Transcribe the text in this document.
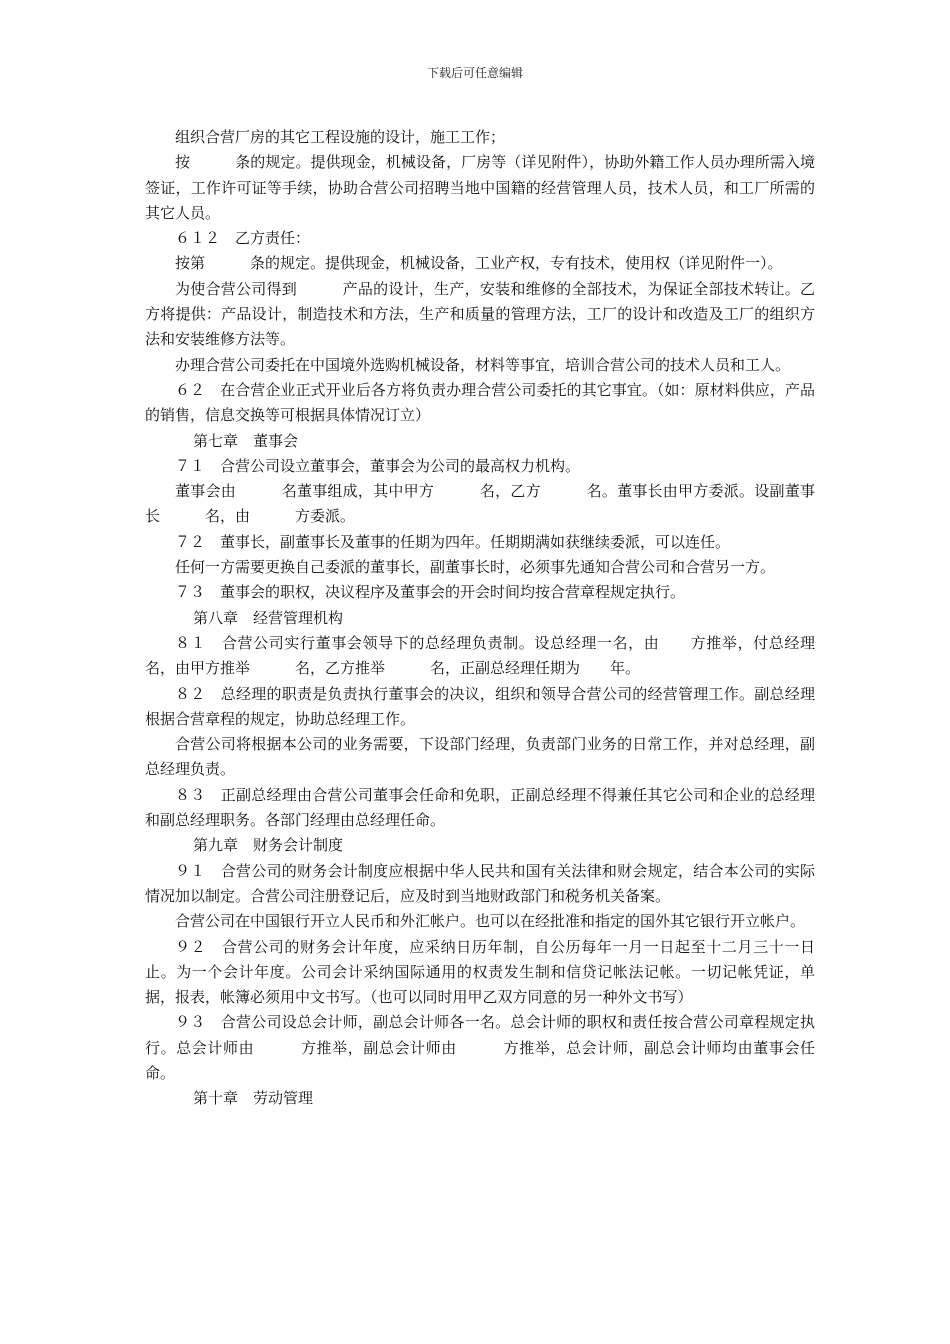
下载后可任意编辑

组织合营厂房的其它工程设施的设计，施工工作；

按　　　条的规定。提供现金，机械设备，厂房等（详见附件），协助外籍工作人员办理所需入境签证，工作许可证等手续，协助合营公司招聘当地中国籍的经营管理人员，技术人员，和工厂所需的其它人员。

６１２　乙方责任：

按第　　　条的规定。提供现金，机械设备，工业产权，专有技术，使用权（详见附件一）。

为使合营公司得到　　　产品的设计，生产，安装和维修的全部技术，为保证全部技术转让。乙方将提供：产品设计，制造技术和方法，生产和质量的管理方法，工厂的设计和改造及工厂的组织方法和安装维修方法等。

办理合营公司委托在中国境外选购机械设备，材料等事宜，培训合营公司的技术人员和工人。

６２　在合营企业正式开业后各方将负责办理合营公司委托的其它事宜。（如：原材料供应，产品的销售，信息交换等可根据具体情况订立）

第七章　董事会

７１　合营公司设立董事会，董事会为公司的最高权力机构。

董事会由　　　名董事组成，其中甲方　　　名，乙方　　　名。董事长由甲方委派。设副董事长　　　名，由　　　方委派。

７２　董事长，副董事长及董事的任期为四年。任期期满如获继续委派，可以连任。

任何一方需要更换自己委派的董事长，副董事长时，必须事先通知合营公司和合营另一方。

７３　董事会的职权，决议程序及董事会的开会时间均按合营章程规定执行。

第八章　经营管理机构

８１　合营公司实行董事会领导下的总经理负责制。设总经理一名，由　　方推举，付总经理　　　名，由甲方推举　　　名，乙方推举　　　名，正副总经理任期为　　年。

８２　总经理的职责是负责执行董事会的决议，组织和领导合营公司的经营管理工作。副总经理根据合营章程的规定，协助总经理工作。

合营公司将根据本公司的业务需要，下设部门经理，负责部门业务的日常工作，并对总经理，副总经理负责。

８３　正副总经理由合营公司董事会任命和免职，正副总经理不得兼任其它公司和企业的总经理和副总经理职务。各部门经理由总经理任命。

第九章　财务会计制度

９１　合营公司的财务会计制度应根据中华人民共和国有关法律和财会规定，结合本公司的实际情况加以制定。合营公司注册登记后，应及时到当地财政部门和税务机关备案。

合营公司在中国银行开立人民币和外汇帐户。也可以在经批准和指定的国外其它银行开立帐户。

９２　合营公司的财务会计年度，应采纳日历年制，自公历每年一月一日起至十二月三十一日止。为一个会计年度。公司会计采纳国际通用的权责发生制和信贷记帐法记帐。一切记帐凭证，单据，报表，帐簿必须用中文书写。（也可以同时用甲乙双方同意的另一种外文书写）

９３　合营公司设总会计师，副总会计师各一名。总会计师的职权和责任按合营公司章程规定执行。总会计师由　　　方推举，副总会计师由　　　方推举，总会计师，副总会计师均由董事会任命。

第十章　劳动管理
